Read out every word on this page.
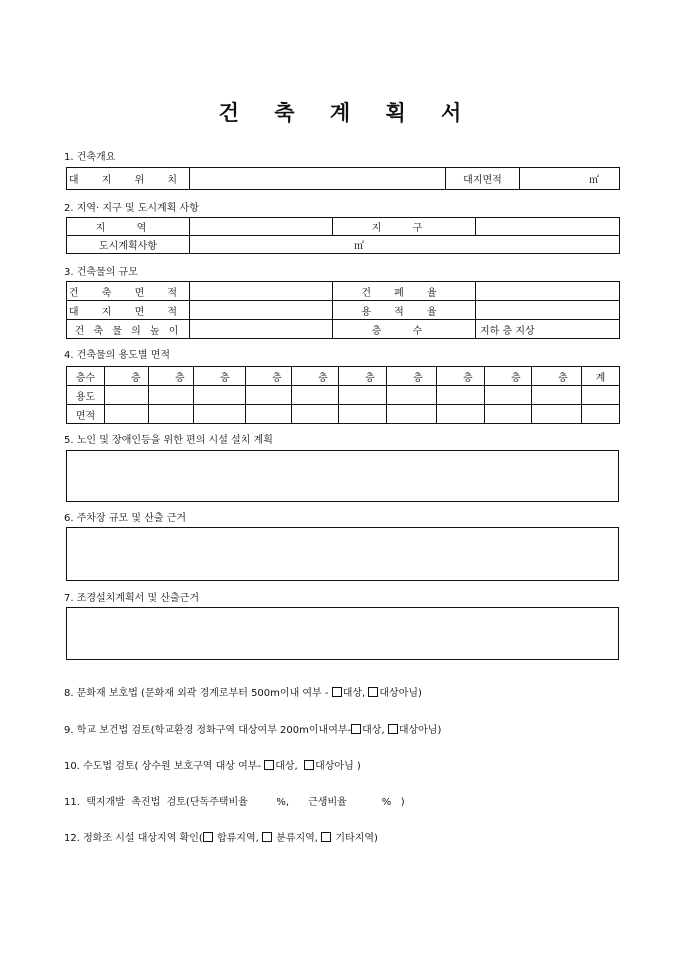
건 축 계 획 서
1. 건축개요
대 지 위 치		대지면적	㎡
2. 지역· 지구 및 도시계획 사항
지 역		지 구	
도시계획사항	㎡		
3. 건축물의 규모
건 축 면 적		건 폐 율	
대 지 면 적		용 적 율	
건 축 물 의 높 이		층 수	지하 층 지상
4. 건축물의 용도별 면적
층수	층	층	층	층	층	층	층	층	층	층	계
용도											
면적											
5. 노인 및 장애인등을 위한 편의 시설 설치 계획
6. 주차장 규모 및 산출 근거
7. 조경설치계획서 및 산출근거
8. 문화재 보호법 (문화재 외곽 경계로부터 500m이내 여부 - 대상, 대상아님)
9. 학교 보건법 검토(학교환경 정화구역 대상여부 200m이내여부- 대상, 대상아님)
10. 수도법 검토( 상수원 보호구역 대상 여부- 대상, 대상아님 )
11.  택지개발  촉진법  검토(단독주택비율         %,      근생비율           %   )
12. 정화조 시설 대상지역 확인( 합류지역, 분류지역, 기타지역)
